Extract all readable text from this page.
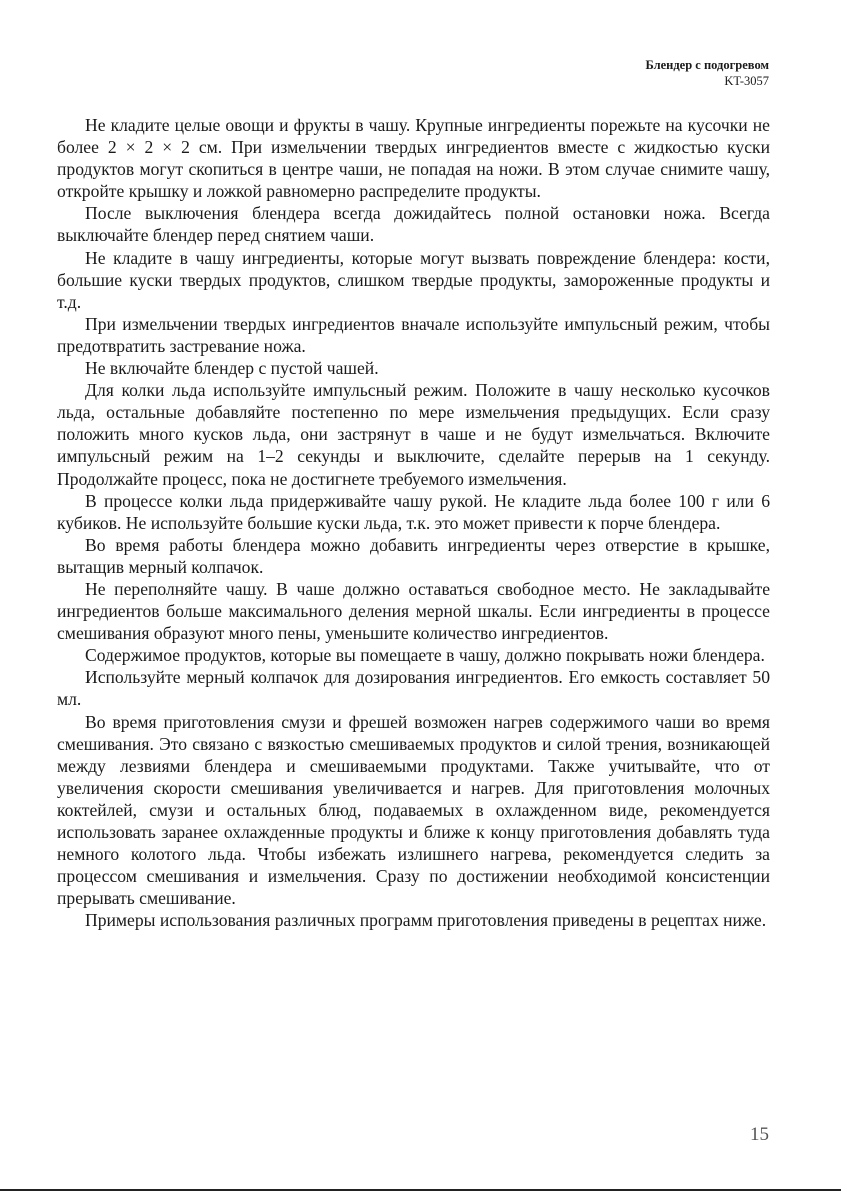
Блендер с подогревом
KT-3057

Не кладите целые овощи и фрукты в чашу. Крупные ингредиенты порежьте на кусочки не более 2 × 2 × 2 см. При измельчении твердых ингредиентов вместе с жидкостью куски продуктов могут скопиться в центре чаши, не попадая на ножи. В этом случае снимите чашу, откройте крышку и ложкой равномерно распределите продукты.

После выключения блендера всегда дожидайтесь полной остановки ножа. Всегда выключайте блендер перед снятием чаши.

Не кладите в чашу ингредиенты, которые могут вызвать повреждение блендера: кости, большие куски твердых продуктов, слишком твердые продукты, замороженные продукты и т.д.

При измельчении твердых ингредиентов вначале используйте импульсный режим, чтобы предотвратить застревание ножа.

Не включайте блендер с пустой чашей.

Для колки льда используйте импульсный режим. Положите в чашу несколько кусочков льда, остальные добавляйте постепенно по мере измельчения предыдущих. Если сразу положить много кусков льда, они застрянут в чаше и не будут измельчаться. Включите импульсный режим на 1–2 секунды и выключите, сделайте перерыв на 1 секунду. Продолжайте процесс, пока не достигнете требуемого измельчения.

В процессе колки льда придерживайте чашу рукой. Не кладите льда более 100 г или 6 кубиков. Не используйте большие куски льда, т.к. это может привести к порче блендера.

Во время работы блендера можно добавить ингредиенты через отверстие в крышке, вытащив мерный колпачок.

Не переполняйте чашу. В чаше должно оставаться свободное место. Не закладывайте ингредиентов больше максимального деления мерной шкалы. Если ингредиенты в процессе смешивания образуют много пены, уменьшите количество ингредиентов.

Содержимое продуктов, которые вы помещаете в чашу, должно покрывать ножи блендера.

Используйте мерный колпачок для дозирования ингредиентов. Его емкость составляет 50 мл.

Во время приготовления смузи и фрешей возможен нагрев содержимого чаши во время смешивания. Это связано с вязкостью смешиваемых продуктов и силой трения, возникающей между лезвиями блендера и смешиваемыми продуктами. Также учитывайте, что от увеличения скорости смешивания увеличивается и нагрев. Для приготовления молочных коктейлей, смузи и остальных блюд, подаваемых в охлажденном виде, рекомендуется использовать заранее охлажденные продукты и ближе к концу приготовления добавлять туда немного колотого льда. Чтобы избежать излишнего нагрева, рекомендуется следить за процессом смешивания и измельчения. Сразу по достижении необходимой консистенции прерывать смешивание.

Примеры использования различных программ приготовления приведены в рецептах ниже.

15
